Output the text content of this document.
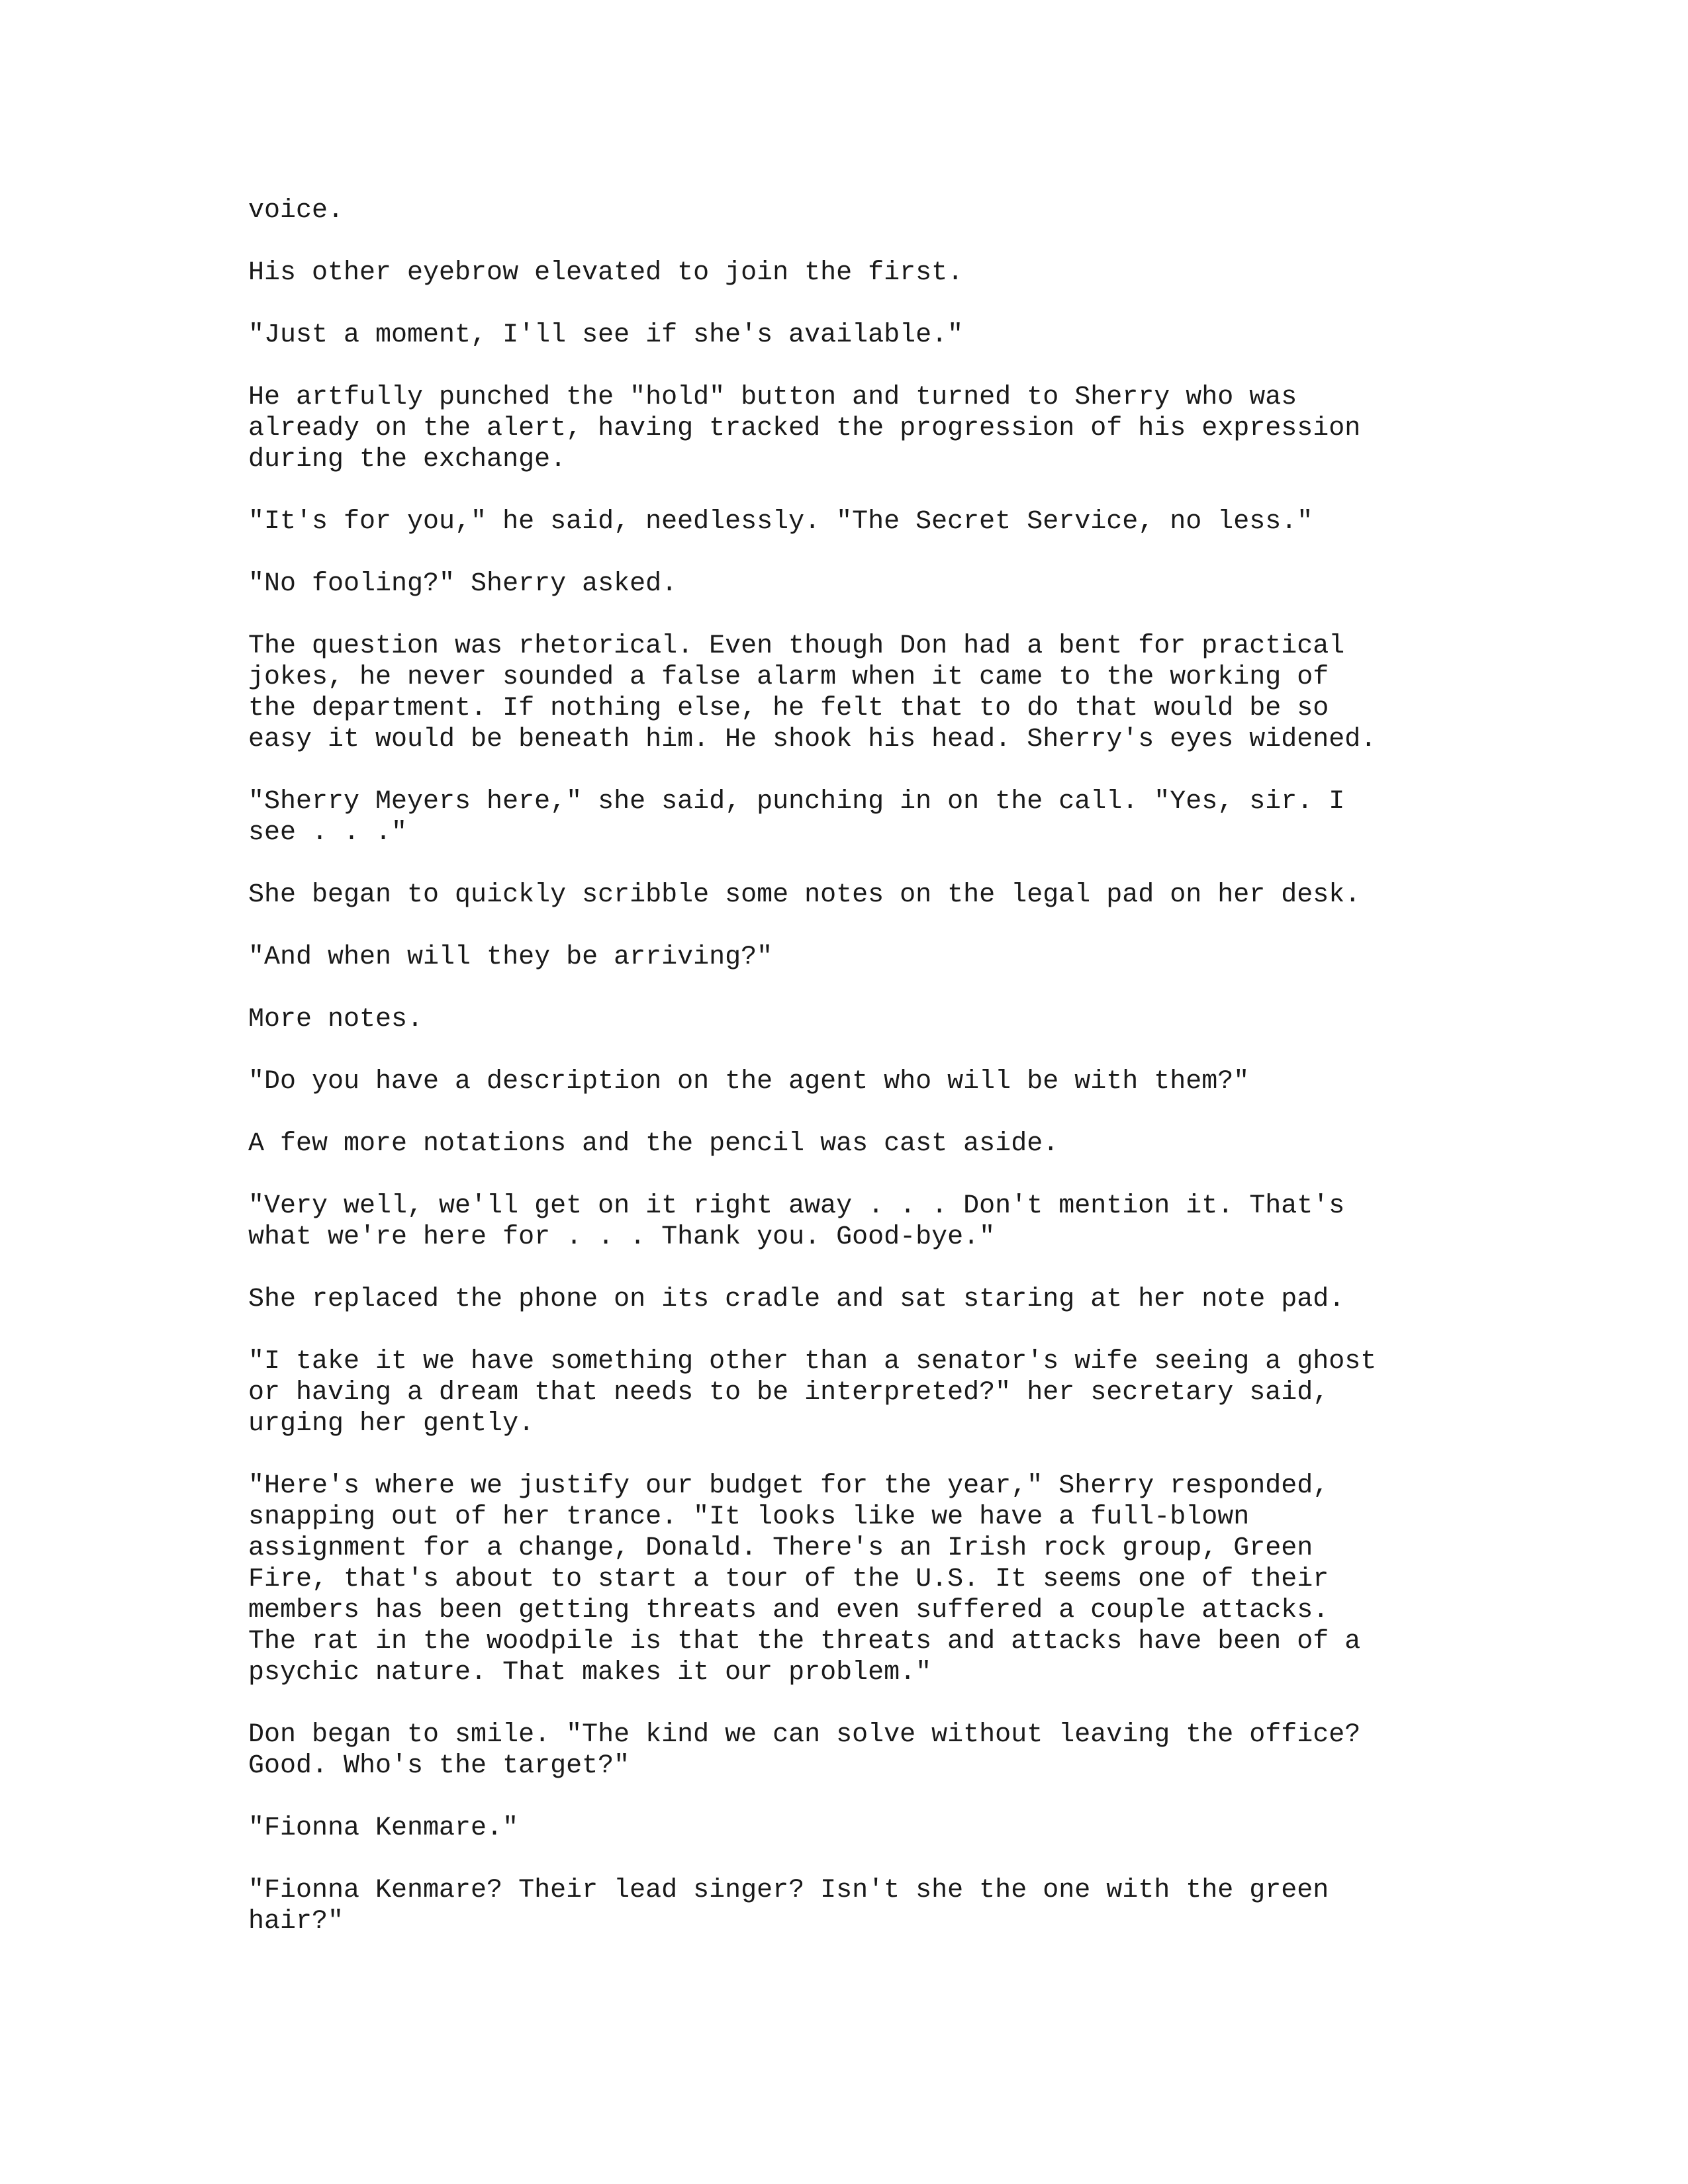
voice.

His other eyebrow elevated to join the first.

"Just a moment, I'll see if she's available."

He artfully punched the "hold" button and turned to Sherry who was
already on the alert, having tracked the progression of his expression
during the exchange.

"It's for you," he said, needlessly. "The Secret Service, no less."

"No fooling?" Sherry asked.

The question was rhetorical. Even though Don had a bent for practical
jokes, he never sounded a false alarm when it came to the working of
the department. If nothing else, he felt that to do that would be so
easy it would be beneath him. He shook his head. Sherry's eyes widened.

"Sherry Meyers here," she said, punching in on the call. "Yes, sir. I
see . . ."

She began to quickly scribble some notes on the legal pad on her desk.

"And when will they be arriving?"

More notes.

"Do you have a description on the agent who will be with them?"

A few more notations and the pencil was cast aside.

"Very well, we'll get on it right away . . . Don't mention it. That's
what we're here for . . . Thank you. Good-bye."

She replaced the phone on its cradle and sat staring at her note pad.

"I take it we have something other than a senator's wife seeing a ghost
or having a dream that needs to be interpreted?" her secretary said,
urging her gently.

"Here's where we justify our budget for the year," Sherry responded,
snapping out of her trance. "It looks like we have a full-blown
assignment for a change, Donald. There's an Irish rock group, Green
Fire, that's about to start a tour of the U.S. It seems one of their
members has been getting threats and even suffered a couple attacks.
The rat in the woodpile is that the threats and attacks have been of a
psychic nature. That makes it our problem."

Don began to smile. "The kind we can solve without leaving the office?
Good. Who's the target?"

"Fionna Kenmare."

"Fionna Kenmare? Their lead singer? Isn't she the one with the green
hair?"
